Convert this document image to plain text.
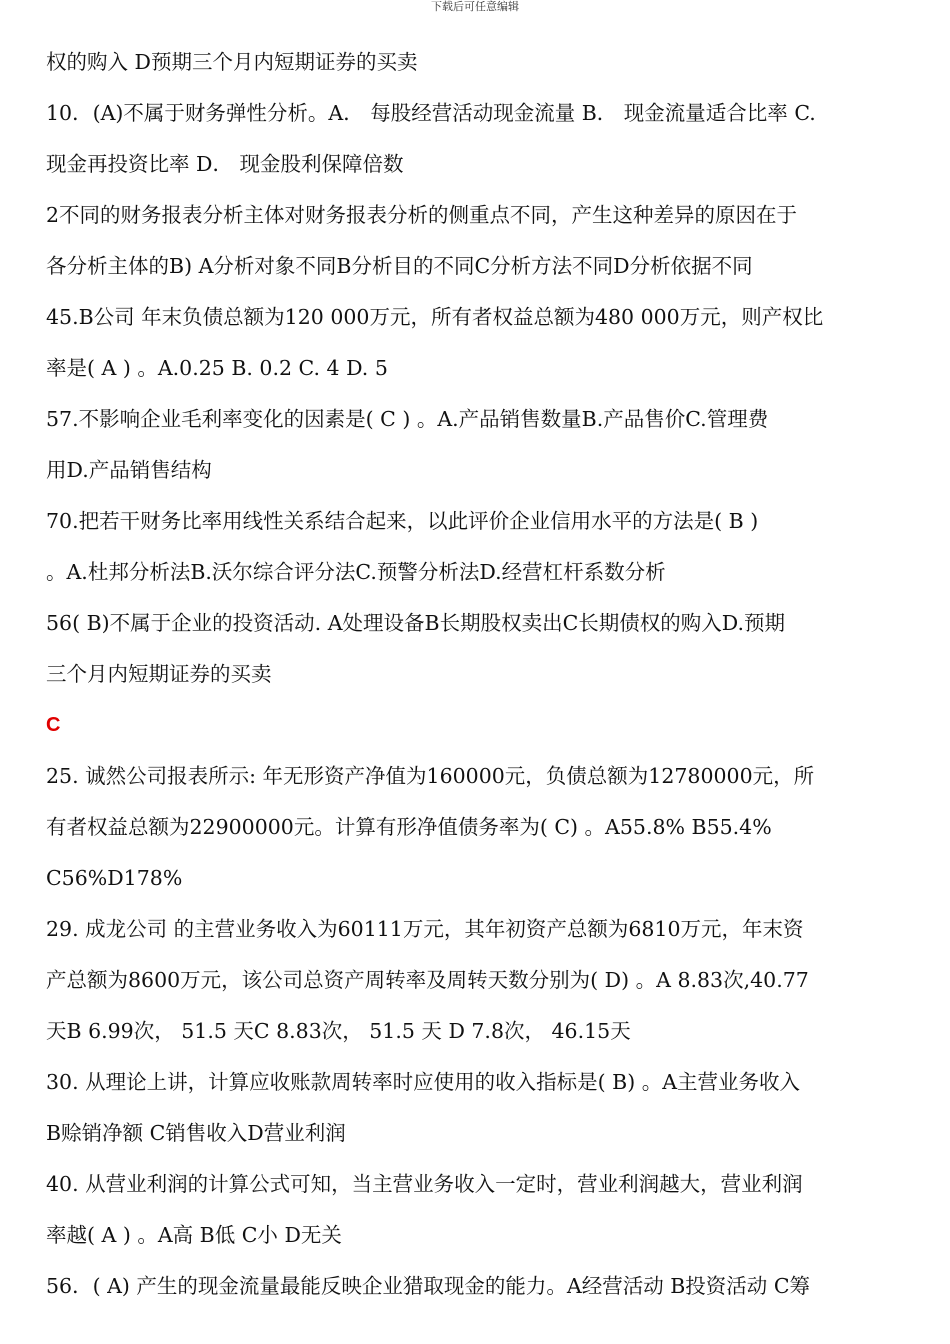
下载后可任意编辑
权的购入 D预期三个月内短期证券的买卖
10．(A)不属于财务弹性分析。A． 每股经营活动现金流量 B． 现金流量适合比率 C.
现金再投资比率 D． 现金股利保障倍数
2不同的财务报表分析主体对财务报表分析的侧重点不同，产生这种差异的原因在于
各分析主体的B) A分析对象不同B分析目的不同C分析方法不同D分析依据不同
45.B公司 年末负债总额为120 000万元，所有者权益总额为480 000万元，则产权比
率是( A ) 。A.0.25 B. 0.2 C. 4 D. 5
57.不影响企业毛利率变化的因素是( C ) 。A.产品销售数量B.产品售价C.管理费
用D.产品销售结构
70.把若干财务比率用线性关系结合起来，以此评价企业信用水平的方法是( B )
。A.杜邦分析法B.沃尔综合评分法C.预警分析法D.经营杠杆系数分析
56( B)不属于企业的投资活动. A处理设备B长期股权卖出C长期债权的购入D.预期
三个月内短期证券的买卖
C
25. 诚然公司报表所示: 年无形资产净值为160000元，负债总额为12780000元，所
有者权益总额为22900000元。计算有形净值债务率为( C) 。A55.8% B55.4%
C56%D178%
29. 成龙公司 的主营业务收入为60111万元，其年初资产总额为6810万元，年末资
产总额为8600万元，该公司总资产周转率及周转天数分别为( D) 。A 8.83次,40.77
天B 6.99次， 51.5 天C 8.83次， 51.5 天 D 7.8次， 46.15天
30. 从理论上讲，计算应收账款周转率时应使用的收入指标是( B) 。A主营业务收入
B赊销净额 C销售收入D营业利润
40. 从营业利润的计算公式可知，当主营业务收入一定时，营业利润越大，营业利润
率越( A ) 。A高 B低 C小 D无关
56．( A) 产生的现金流量最能反映企业猎取现金的能力。A经营活动 B投资活动 C筹
